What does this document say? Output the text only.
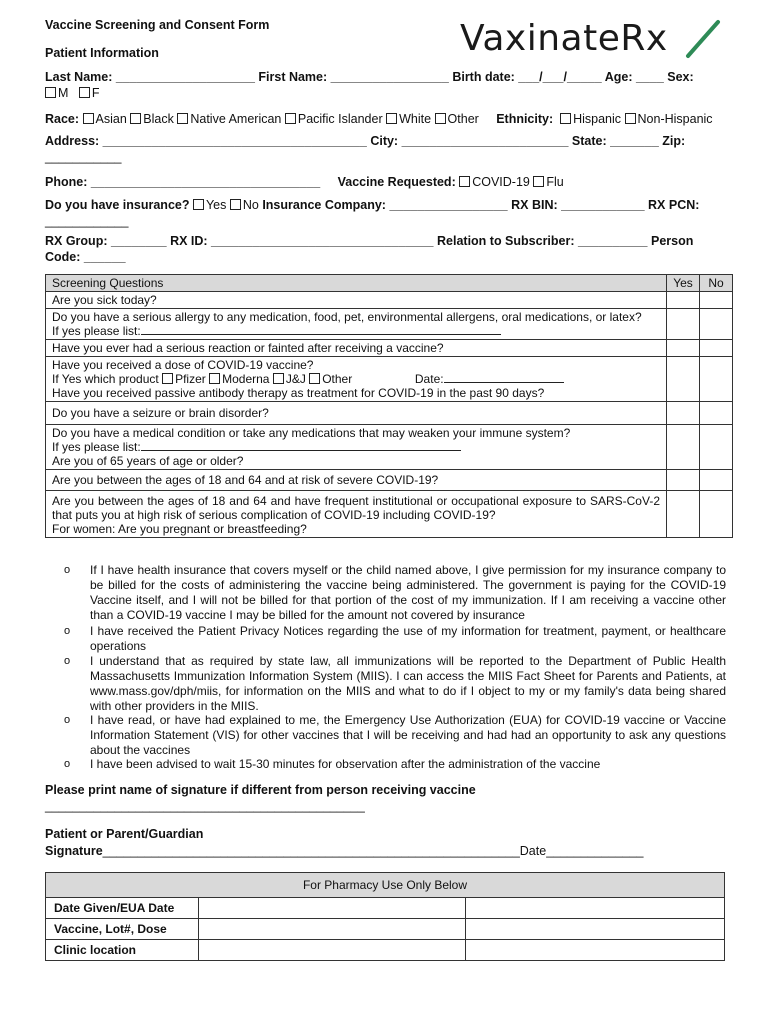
Vaccine Screening and Consent Form	VaxinateRx
Patient Information
Last Name: ____________________ First Name: _________________ Birth date: ___/___/_____ Age: ____ Sex:
M F
Race: Asian Black Native American Pacific Islander White Other Ethnicity: Hispanic Non-Hispanic
Address: ______________________________________ City: ________________________ State: _______ Zip:
___________
Phone: _________________________________ Vaccine Requested: COVID-19 Flu
Do you have insurance? Yes No Insurance Company: _________________ RX BIN: ____________ RX PCN:
____________
RX Group: ________ RX ID: ________________________________ Relation to Subscriber: __________ Person
Code: ______
Screening Questions	Yes	No
Are you sick today?		

Do you have a serious allergy to any medication, food, pet, environmental allergens, oral medications, or latex?
If yes please list:		

Have you ever had a serious reaction or fainted after receiving a vaccine?		

Have you received a dose of COVID-19 vaccine?
If Yes which product Pfizer Moderna J&J Other Date:
Have you received passive antibody therapy as treatment for COVID-19 in the past 90 days?		

Do you have a seizure or brain disorder?		

Do you have a medical condition or take any medications that may weaken your immune system?
If yes please list:
Are you of 65 years of age or older?		

Are you between the ages of 18 and 64 and at risk of severe COVID-19?		

Are you between the ages of 18 and 64 and have frequent institutional or occupational exposure to SARS-CoV-2 that puts you at high risk of serious complication of COVID-19 including COVID-19?
For women: Are you pregnant or breastfeeding?		

o	If I have health insurance that covers myself or the child named above, I give permission for my insurance company to be billed for the costs of administering the vaccine being administered. The government is paying for the COVID-19 Vaccine itself, and I will not be billed for that portion of the cost of my immunization. If I am receiving a vaccine other than a COVID-19 vaccine I may be billed for the amount not covered by insurance
o	I have received the Patient Privacy Notices regarding the use of my information for treatment, payment, or healthcare operations
o	I understand that as required by state law, all immunizations will be reported to the Department of Public Health Massachusetts Immunization Information System (MIIS). I can access the MIIS Fact Sheet for Parents and Patients, at www.mass.gov/dph/miis, for information on the MIIS and what to do if I object to my or my family's data being shared with other providers in the MIIS.
o	I have read, or have had explained to me, the Emergency Use Authorization (EUA) for COVID-19 vaccine or Vaccine Information Statement (VIS) for other vaccines that I will be receiving and had had an opportunity to ask any questions about the vaccines
o	I have been advised to wait 15-30 minutes for observation after the administration of the vaccine
Please print name of signature if different from person receiving vaccine
______________________________________________
Patient or Parent/Guardian
Signature____________________________________________________________Date______________
For Pharmacy Use Only Below		
Date Given/EUA Date		
Vaccine, Lot#, Dose		
Clinic location		
